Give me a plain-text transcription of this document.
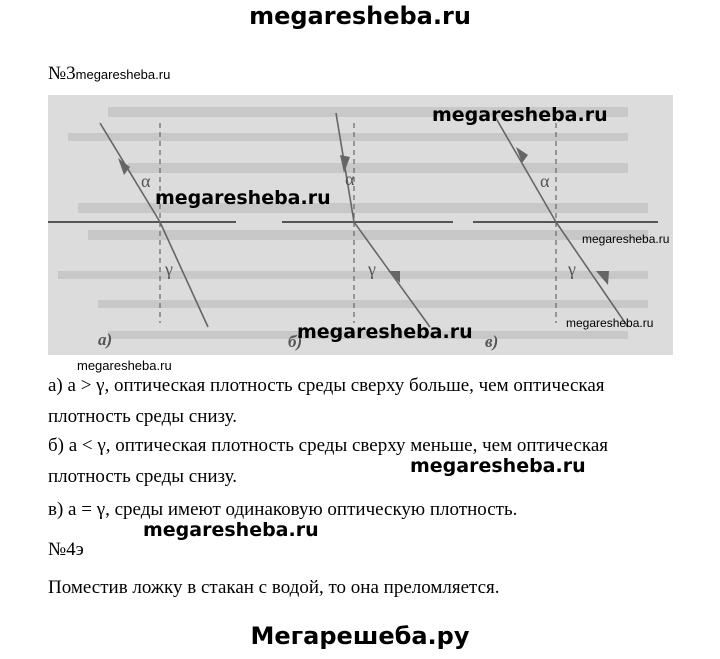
megaresheba.ru
№3megaresheba.ru
α
γ
а)
α
γ
б)
α
γ
в)
megaresheba.ru
megaresheba.ru
megaresheba.ru
megaresheba.ru	megaresheba.ru
megaresheba.ru
а) a > γ, оптическая плотность среды сверху больше, чем оптическая плотность среды снизу.
б) a < γ, оптическая плотность среды сверху меньше, чем оптическая плотность среды снизу.	megaresheba.ru
в) a = γ, среды имеют одинаковую оптическую плотность.
megaresheba.ru
№4э
Поместив ложку в стакан с водой, то она преломляется.
Мегарешеба.ру
